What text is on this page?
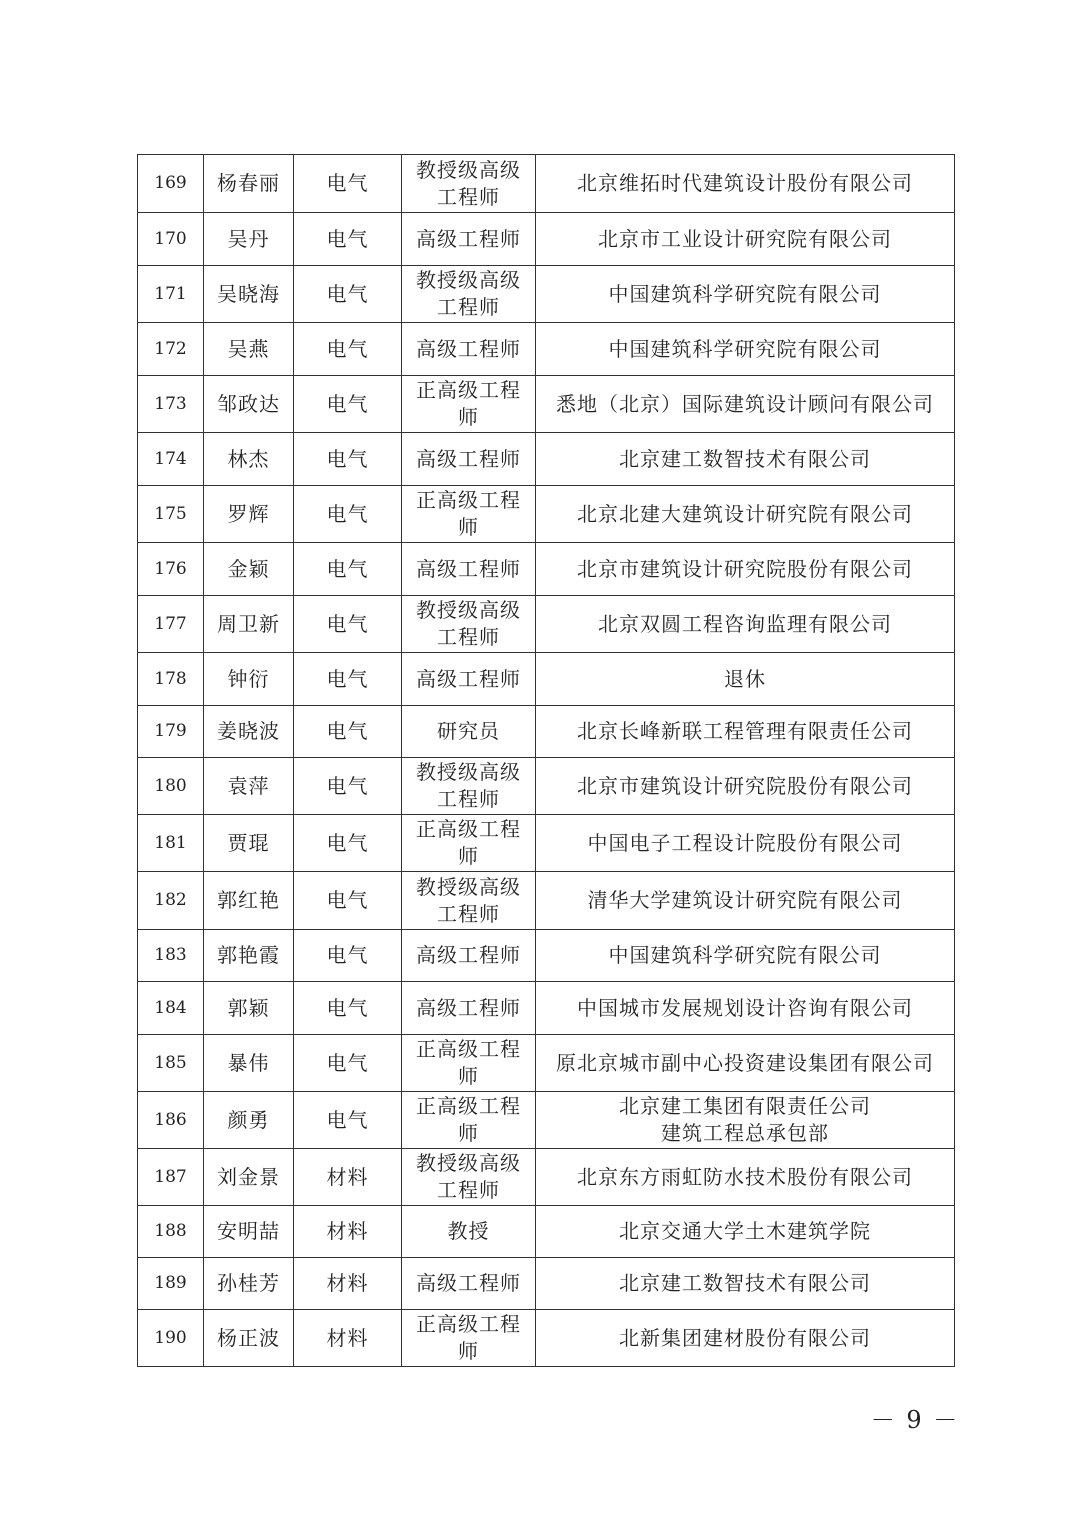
169	杨春丽	电气	教授级高级工程师	北京维拓时代建筑设计股份有限公司

170	吴丹	电气	高级工程师	北京市工业设计研究院有限公司

171	吴晓海	电气	教授级高级工程师	中国建筑科学研究院有限公司

172	吴燕	电气	高级工程师	中国建筑科学研究院有限公司

173	邹政达	电气	正高级工程师	悉地（北京）国际建筑设计顾问有限公司

174	林杰	电气	高级工程师	北京建工数智技术有限公司

175	罗辉	电气	正高级工程师	北京北建大建筑设计研究院有限公司

176	金颖	电气	高级工程师	北京市建筑设计研究院股份有限公司

177	周卫新	电气	教授级高级工程师	北京双圆工程咨询监理有限公司

178	钟衍	电气	高级工程师	退休

179	姜晓波	电气	研究员	北京长峰新联工程管理有限责任公司

180	袁萍	电气	教授级高级工程师	北京市建筑设计研究院股份有限公司

181	贾琨	电气	正高级工程师	中国电子工程设计院股份有限公司

182	郭红艳	电气	教授级高级工程师	清华大学建筑设计研究院有限公司

183	郭艳霞	电气	高级工程师	中国建筑科学研究院有限公司

184	郭颖	电气	高级工程师	中国城市发展规划设计咨询有限公司

185	暴伟	电气	正高级工程师	原北京城市副中心投资建设集团有限公司

186	颜勇	电气	正高级工程师	北京建工集团有限责任公司
建筑工程总承包部

187	刘金景	材料	教授级高级工程师	北京东方雨虹防水技术股份有限公司

188	安明喆	材料	教授	北京交通大学土木建筑学院

189	孙桂芳	材料	高级工程师	北京建工数智技术有限公司

190	杨正波	材料	正高级工程师	北新集团建材股份有限公司
－ 9 －
